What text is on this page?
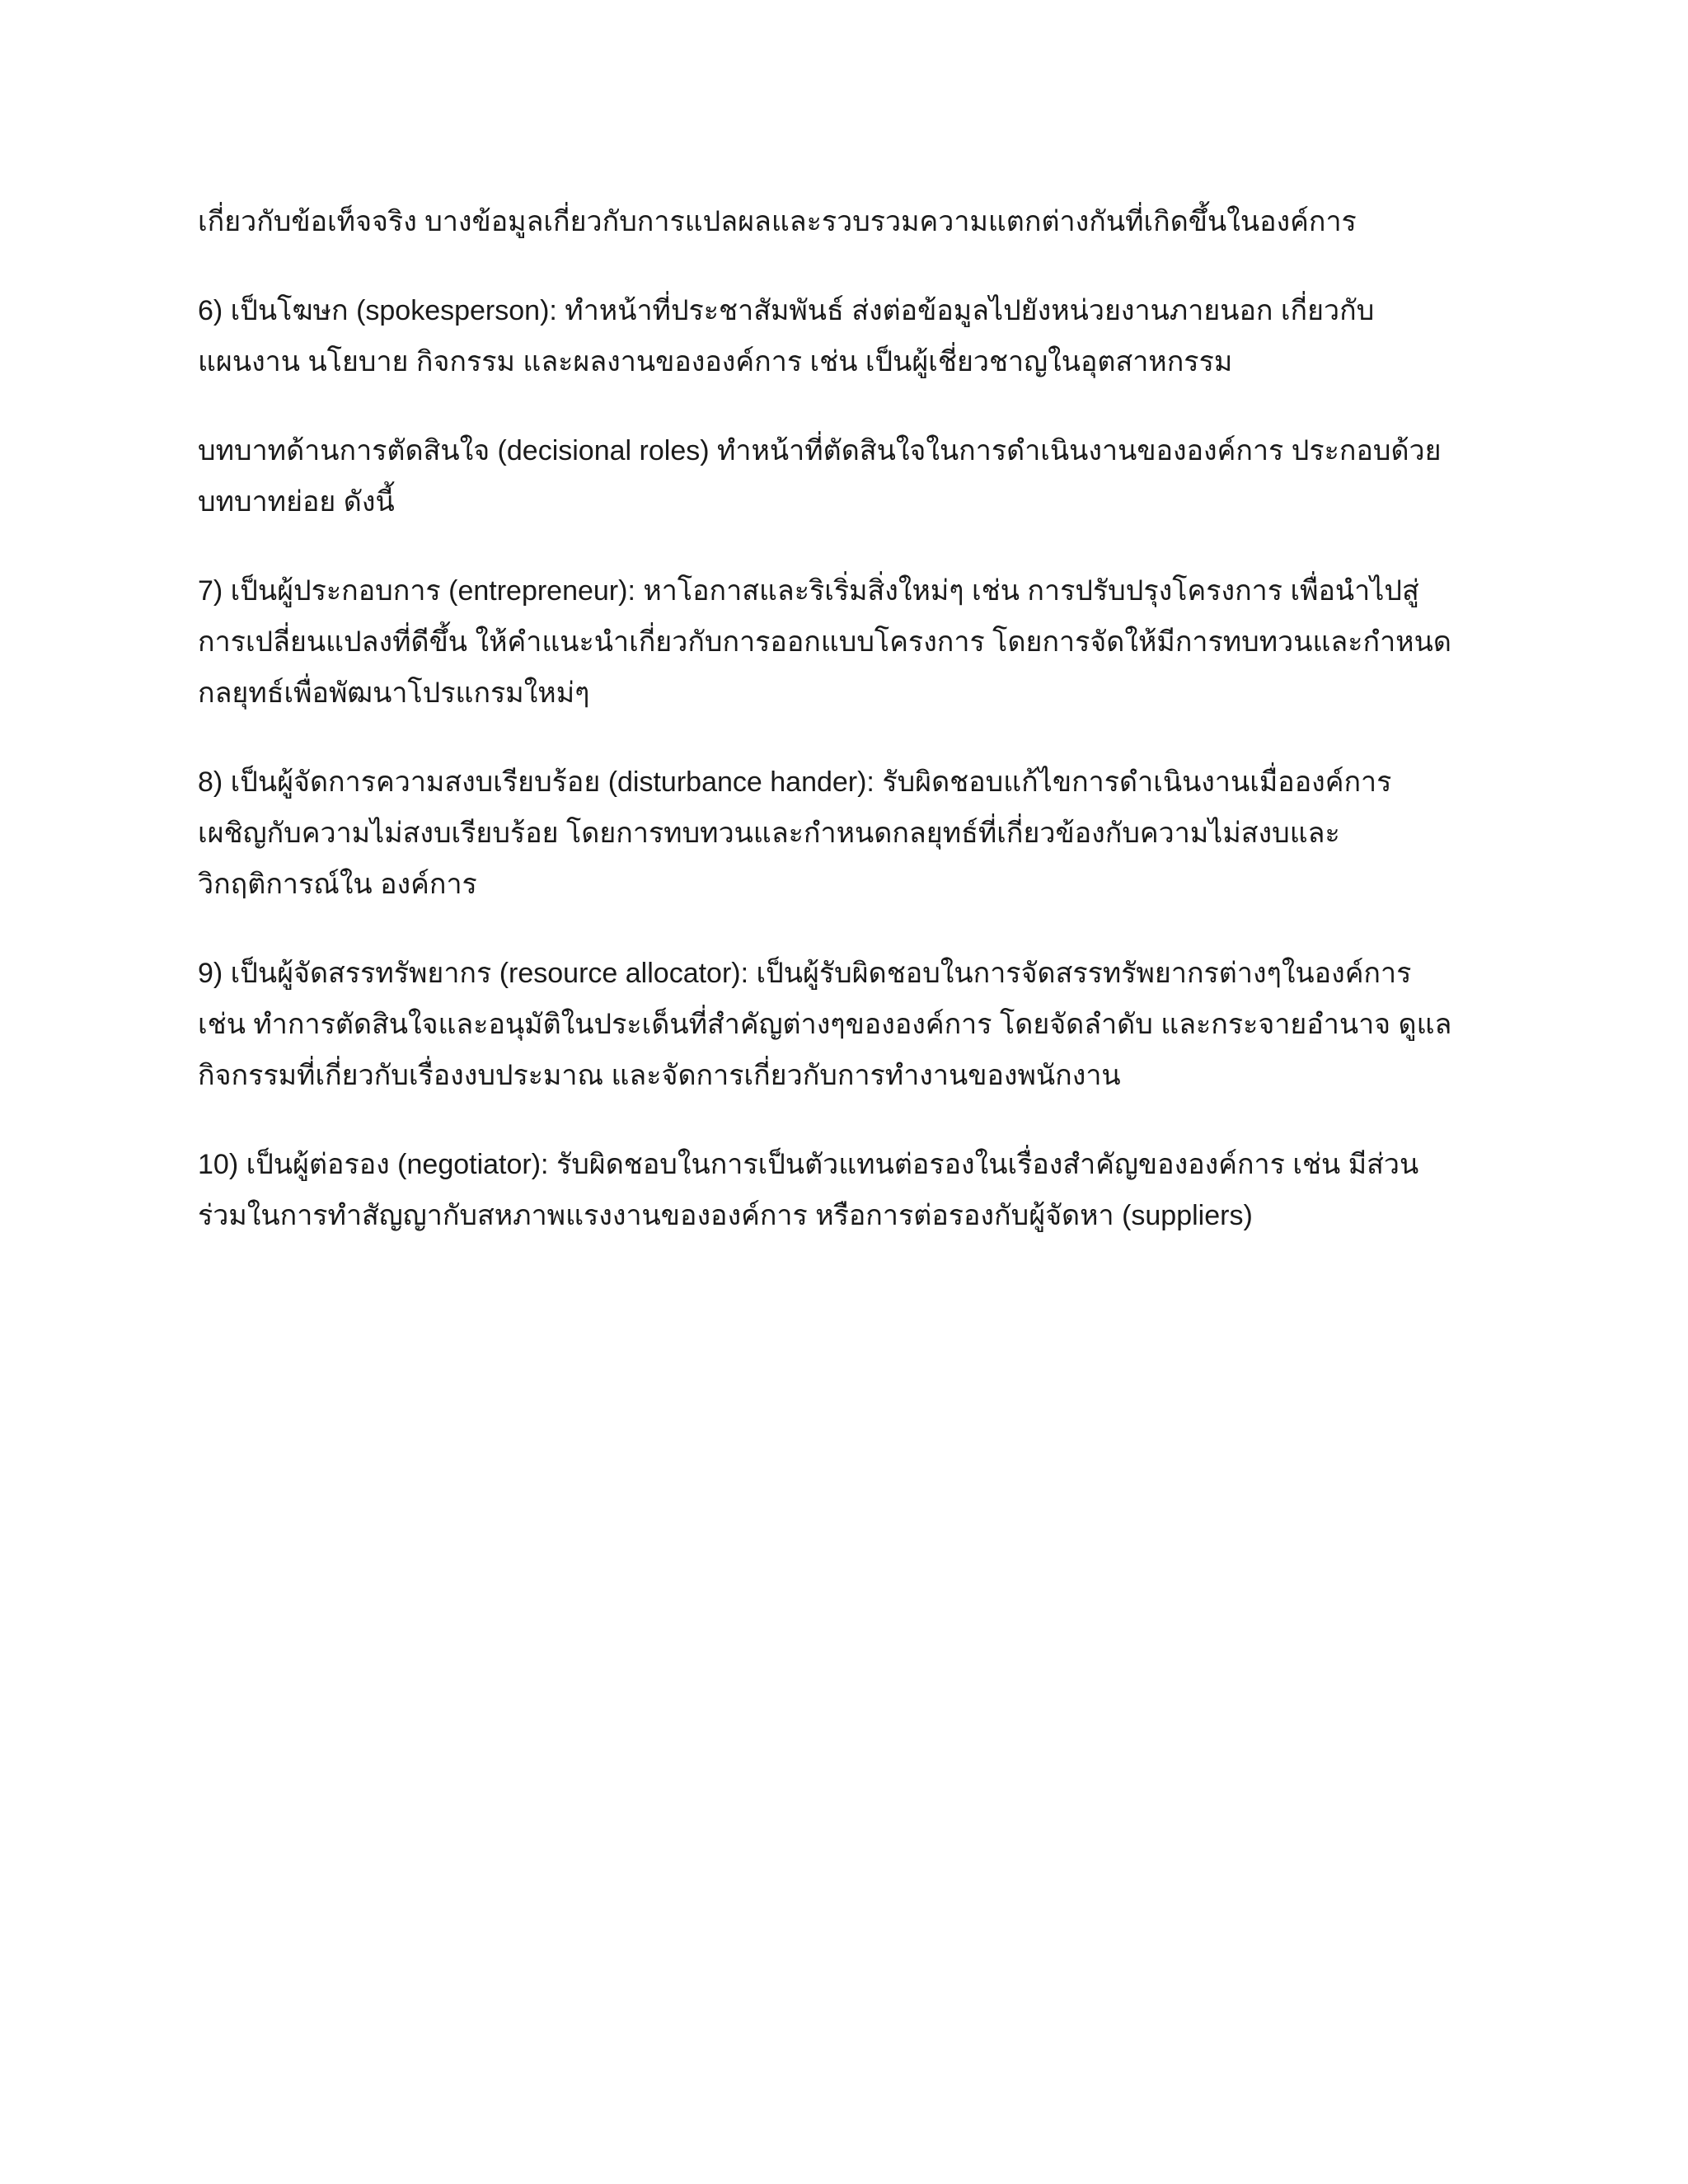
เกี่ยวกับข้อเท็จจริง บางข้อมูลเกี่ยวกับการแปลผลและรวบรวมความแตกต่างกันที่เกิดขึ้นในองค์การ

6) เป็นโฆษก (spokesperson): ทำหน้าที่ประชาสัมพันธ์ ส่งต่อข้อมูลไปยังหน่วยงานภายนอก เกี่ยวกับ
แผนงาน นโยบาย กิจกรรม และผลงานขององค์การ เช่น เป็นผู้เชี่ยวชาญในอุตสาหกรรม

บทบาทด้านการตัดสินใจ (decisional roles) ทำหน้าที่ตัดสินใจในการดำเนินงานขององค์การ ประกอบด้วย
บทบาทย่อย ดังนี้

7) เป็นผู้ประกอบการ (entrepreneur): หาโอกาสและริเริ่มสิ่งใหม่ๆ เช่น การปรับปรุงโครงการ เพื่อนำไปสู่
การเปลี่ยนแปลงที่ดีขึ้น ให้คำแนะนำเกี่ยวกับการออกแบบโครงการ โดยการจัดให้มีการทบทวนและกำหนด
กลยุทธ์เพื่อพัฒนาโปรแกรมใหม่ๆ

8) เป็นผู้จัดการความสงบเรียบร้อย (disturbance hander): รับผิดชอบแก้ไขการดำเนินงานเมื่อองค์การ
เผชิญกับความไม่สงบเรียบร้อย โดยการทบทวนและกำหนดกลยุทธ์ที่เกี่ยวข้องกับความไม่สงบและ
วิกฤติการณ์ใน องค์การ

9) เป็นผู้จัดสรรทรัพยากร (resource allocator): เป็นผู้รับผิดชอบในการจัดสรรทรัพยากรต่างๆในองค์การ
เช่น ทำการตัดสินใจและอนุมัติในประเด็นที่สำคัญต่างๆขององค์การ โดยจัดลำดับ และกระจายอำนาจ ดูแล
กิจกรรมที่เกี่ยวกับเรื่องงบประมาณ และจัดการเกี่ยวกับการทำงานของพนักงาน

10) เป็นผู้ต่อรอง (negotiator): รับผิดชอบในการเป็นตัวแทนต่อรองในเรื่องสำคัญขององค์การ เช่น มีส่วน
ร่วมในการทำสัญญากับสหภาพแรงงานขององค์การ หรือการต่อรองกับผู้จัดหา (suppliers)
